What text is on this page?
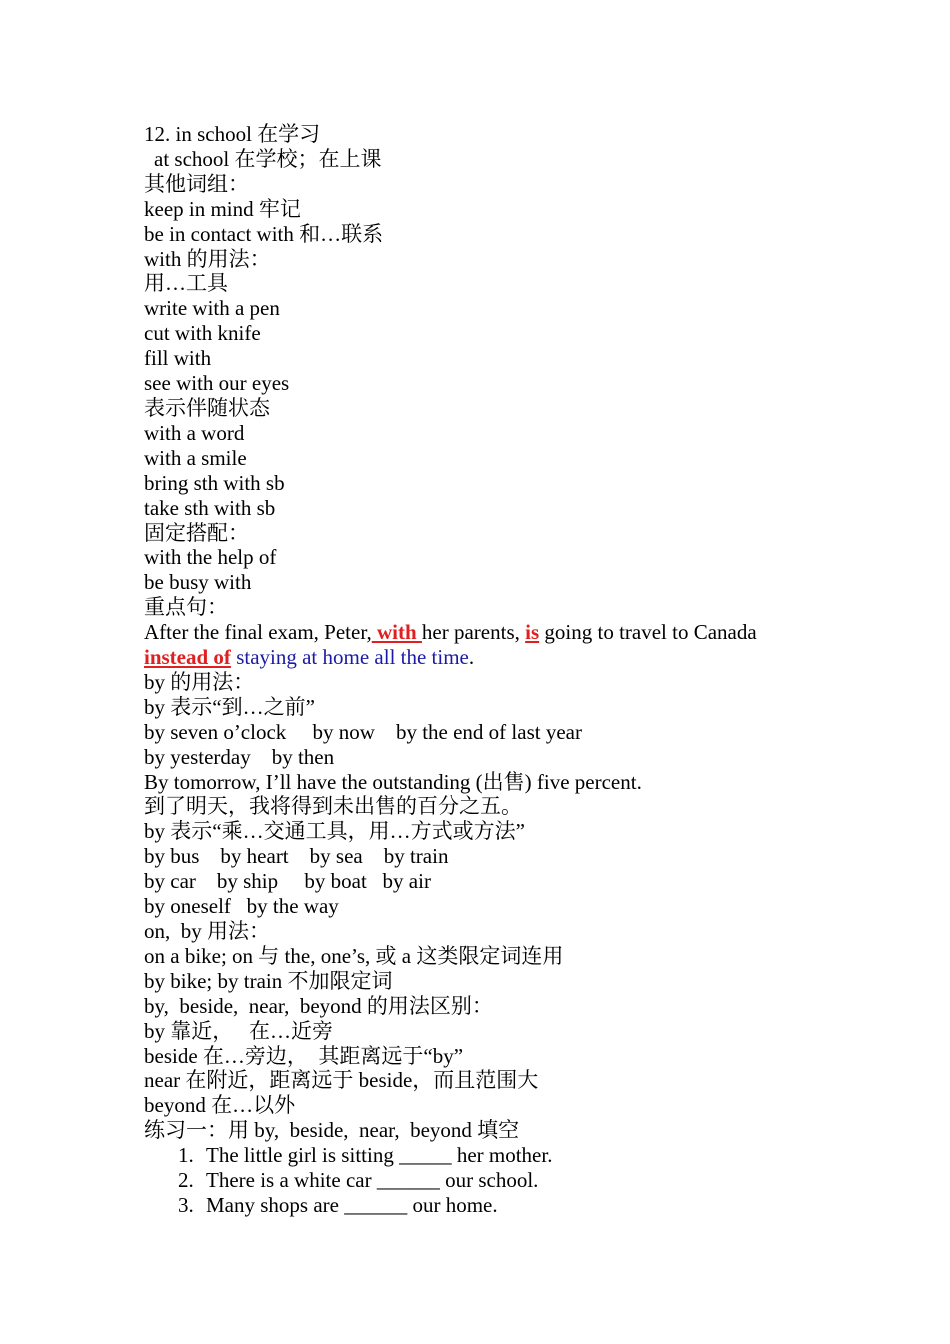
12. in school 在学习
at school 在学校；在上课
其他词组：
keep in mind 牢记
be in contact with 和…联系
with 的用法：
用…工具
write with a pen
cut with knife
fill with
see with our eyes
表示伴随状态
with a word
with a smile
bring sth with sb
take sth with sb
固定搭配：
with the help of
be busy with
重点句：
After the final exam, Peter, with her parents, is going to travel to Canada
instead of staying at home all the time.
by 的用法：
by 表示“到…之前”
by seven o’clock     by now    by the end of last year
by yesterday    by then
By tomorrow, I’ll have the outstanding (出售) five percent.
到了明天，我将得到未出售的百分之五。
by 表示“乘…交通工具，用…方式或方法”
by bus    by heart    by sea    by train
by car    by ship     by boat   by air
by oneself   by the way
on,  by 用法：
on a bike; on 与 the, one’s, 或 a 这类限定词连用
by bike; by train 不加限定词
by,  beside,  near,  beyond 的用法区别：
by 靠近，   在…近旁
beside 在…旁边，  其距离远于“by”
near 在附近，距离远于 beside，而且范围大
beyond 在…以外
练习一：用 by,  beside,  near,  beyond 填空
1. The little girl is sitting _____ her mother.
2. There is a white car ______ our school.
3. Many shops are ______ our home.
